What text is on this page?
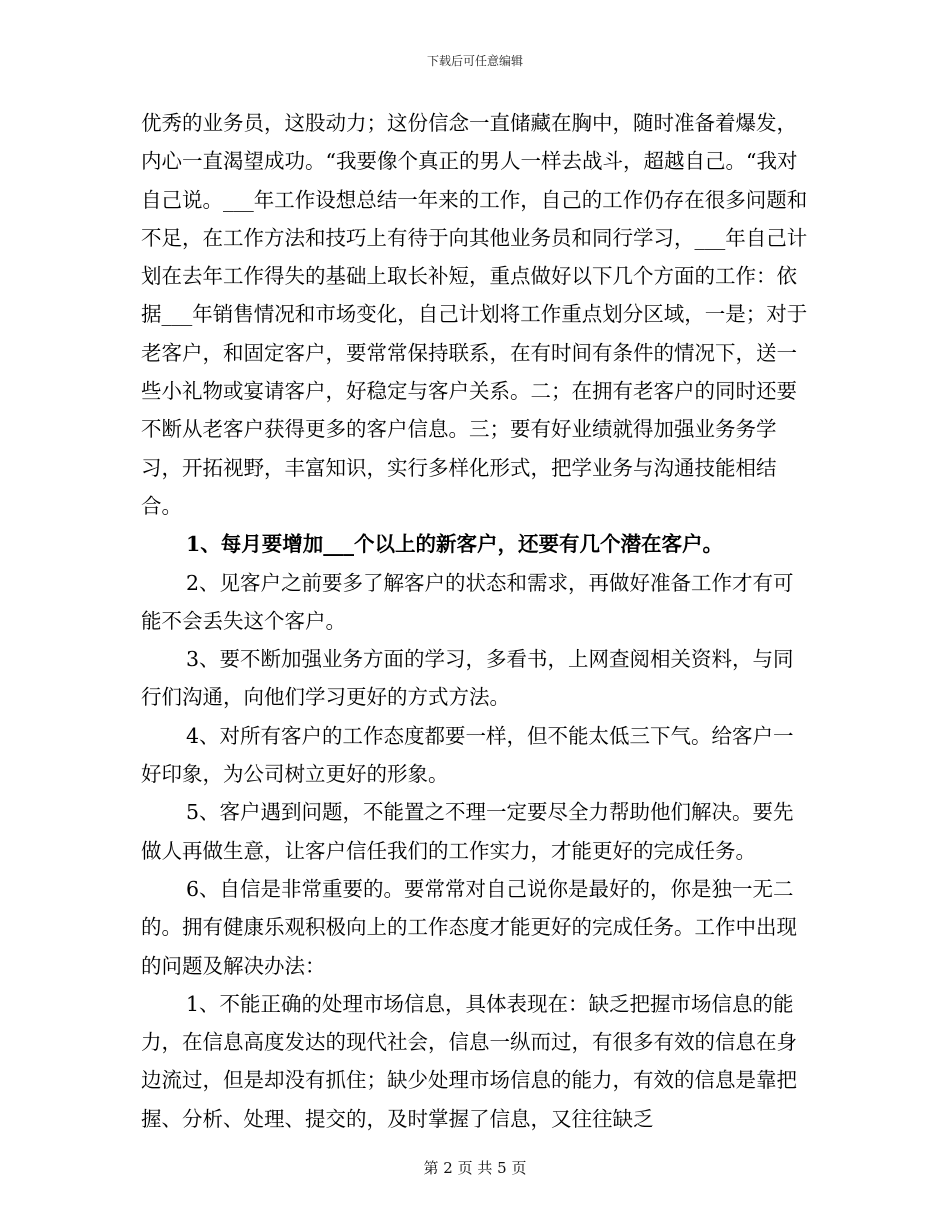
下载后可任意编辑

优秀的业务员，这股动力；这份信念一直储藏在胸中，随时准备着爆发，内心一直渴望成功。“我要像个真正的男人一样去战斗，超越自己。“我对自己说。___年工作设想总结一年来的工作，自己的工作仍存在很多问题和不足，在工作方法和技巧上有待于向其他业务员和同行学习，___年自己计划在去年工作得失的基础上取长补短，重点做好以下几个方面的工作：依据___年销售情况和市场变化，自己计划将工作重点划分区域，一是；对于老客户，和固定客户，要常常保持联系，在有时间有条件的情况下，送一些小礼物或宴请客户，好稳定与客户关系。二；在拥有老客户的同时还要不断从老客户获得更多的客户信息。三；要有好业绩就得加强业务务学习，开拓视野，丰富知识，实行多样化形式，把学业务与沟通技能相结合。

1、每月要增加___个以上的新客户，还要有几个潜在客户。

2、见客户之前要多了解客户的状态和需求，再做好准备工作才有可能不会丢失这个客户。

3、要不断加强业务方面的学习，多看书，上网查阅相关资料，与同行们沟通，向他们学习更好的方式方法。

4、对所有客户的工作态度都要一样，但不能太低三下气。给客户一好印象，为公司树立更好的形象。

5、客户遇到问题，不能置之不理一定要尽全力帮助他们解决。要先做人再做生意，让客户信任我们的工作实力，才能更好的完成任务。

6、自信是非常重要的。要常常对自己说你是最好的，你是独一无二的。拥有健康乐观积极向上的工作态度才能更好的完成任务。工作中出现的问题及解决办法：

1、不能正确的处理市场信息，具体表现在：缺乏把握市场信息的能力，在信息高度发达的现代社会，信息一纵而过，有很多有效的信息在身边流过，但是却没有抓住；缺少处理市场信息的能力，有效的信息是靠把握、分析、处理、提交的，及时掌握了信息，又往往缺乏

第 2 页 共 5 页
